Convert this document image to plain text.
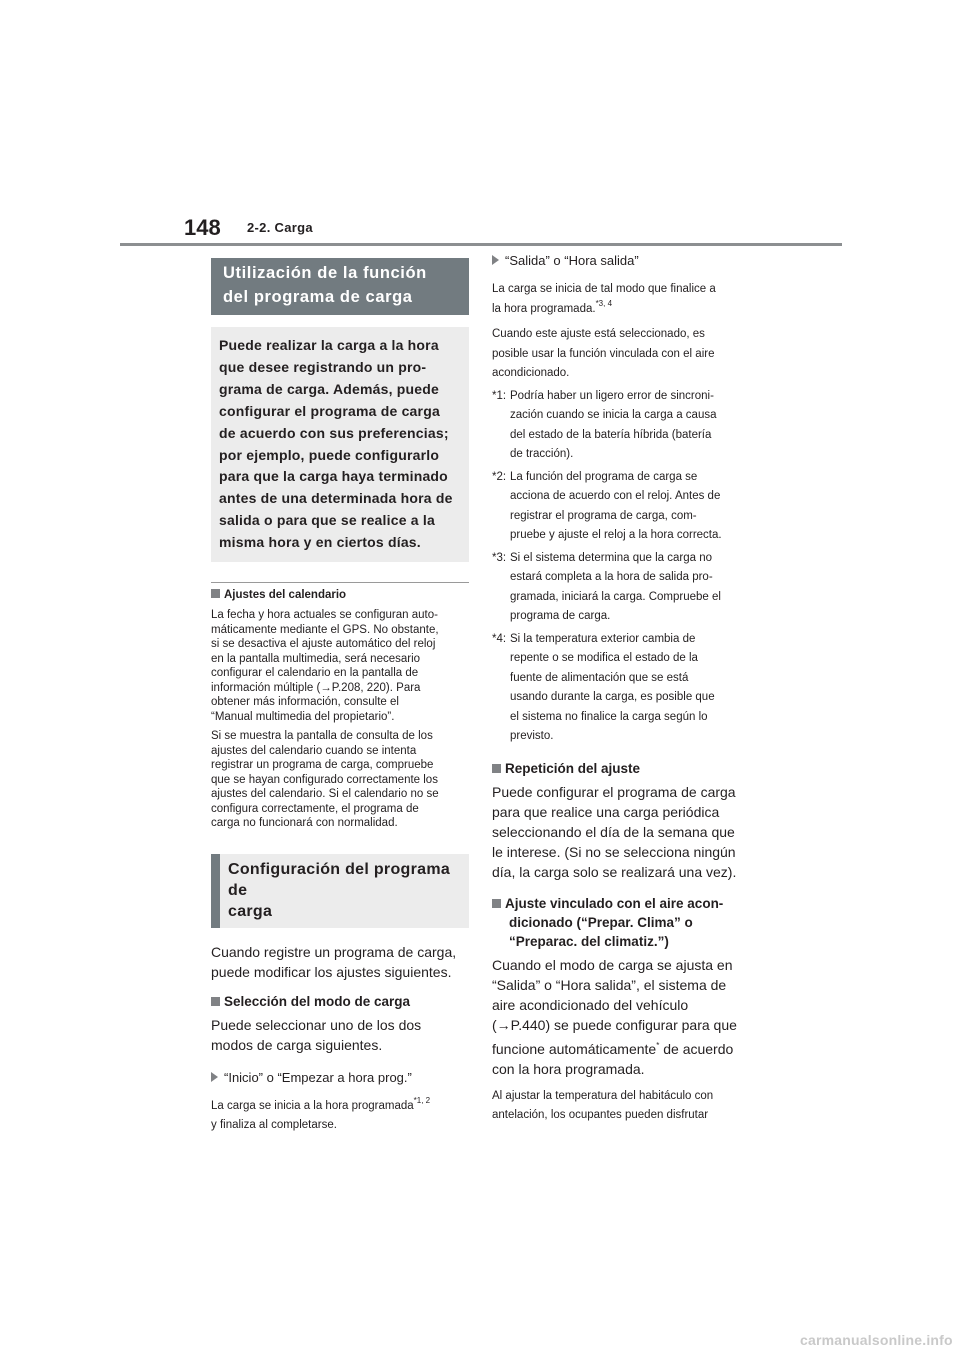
148 2-2. Carga
Utilización de la función
del programa de carga
Puede realizar la carga a la hora
que desee registrando un pro-
grama de carga. Además, puede
configurar el programa de carga
de acuerdo con sus preferencias;
por ejemplo, puede configurarlo
para que la carga haya terminado
antes de una determinada hora de
salida o para que se realice a la
misma hora y en ciertos días.

Ajustes del calendario

La fecha y hora actuales se configuran auto-
máticamente mediante el GPS. No obstante,
si se desactiva el ajuste automático del reloj
en la pantalla multimedia, será necesario
configurar el calendario en la pantalla de
información múltiple (→P.208, 220). Para
obtener más información, consulte el
“Manual multimedia del propietario”.

Si se muestra la pantalla de consulta de los
ajustes del calendario cuando se intenta
registrar un programa de carga, compruebe
que se hayan configurado correctamente los
ajustes del calendario. Si el calendario no se
configura correctamente, el programa de
carga no funcionará con normalidad.

Configuración del programa de
carga

Cuando registre un programa de carga,
puede modificar los ajustes siguientes.

Selección del modo de carga

Puede seleccionar uno de los dos
modos de carga siguientes.

“Inicio” o “Empezar a hora prog.”

La carga se inicia a la hora programada$^{*1, 2}$
y finaliza al completarse.

“Salida” o “Hora salida”

La carga se inicia de tal modo que finalice a
la hora programada.$^{*3, 4}$

Cuando este ajuste está seleccionado, es
posible usar la función vinculada con el aire
acondicionado.

*1: Podría haber un ligero error de sincroni-
zación cuando se inicia la carga a causa
del estado de la batería híbrida (batería
de tracción).
*2: La función del programa de carga se
acciona de acuerdo con el reloj. Antes de
registrar el programa de carga, com-
pruebe y ajuste el reloj a la hora correcta.
*3: Si el sistema determina que la carga no
estará completa a la hora de salida pro-
gramada, iniciará la carga. Compruebe el
programa de carga.
*4: Si la temperatura exterior cambia de
repente o se modifica el estado de la
fuente de alimentación que se está
usando durante la carga, es posible que
el sistema no finalice la carga según lo
previsto.

Repetición del ajuste

Puede configurar el programa de carga
para que realice una carga periódica
seleccionando el día de la semana que
le interese. (Si no se selecciona ningún
día, la carga solo se realizará una vez).

Ajuste vinculado con el aire acon-
dicionado (“Prepar. Clima” o
“Preparac. del climatiz.”)

Cuando el modo de carga se ajusta en
“Salida” o “Hora salida”, el sistema de
aire acondicionado del vehículo
(→P.440) se puede configurar para que
funcione automáticamente* de acuerdo
con la hora programada.

Al ajustar la temperatura del habitáculo con
antelación, los ocupantes pueden disfrutar

carmanualsonline.info
